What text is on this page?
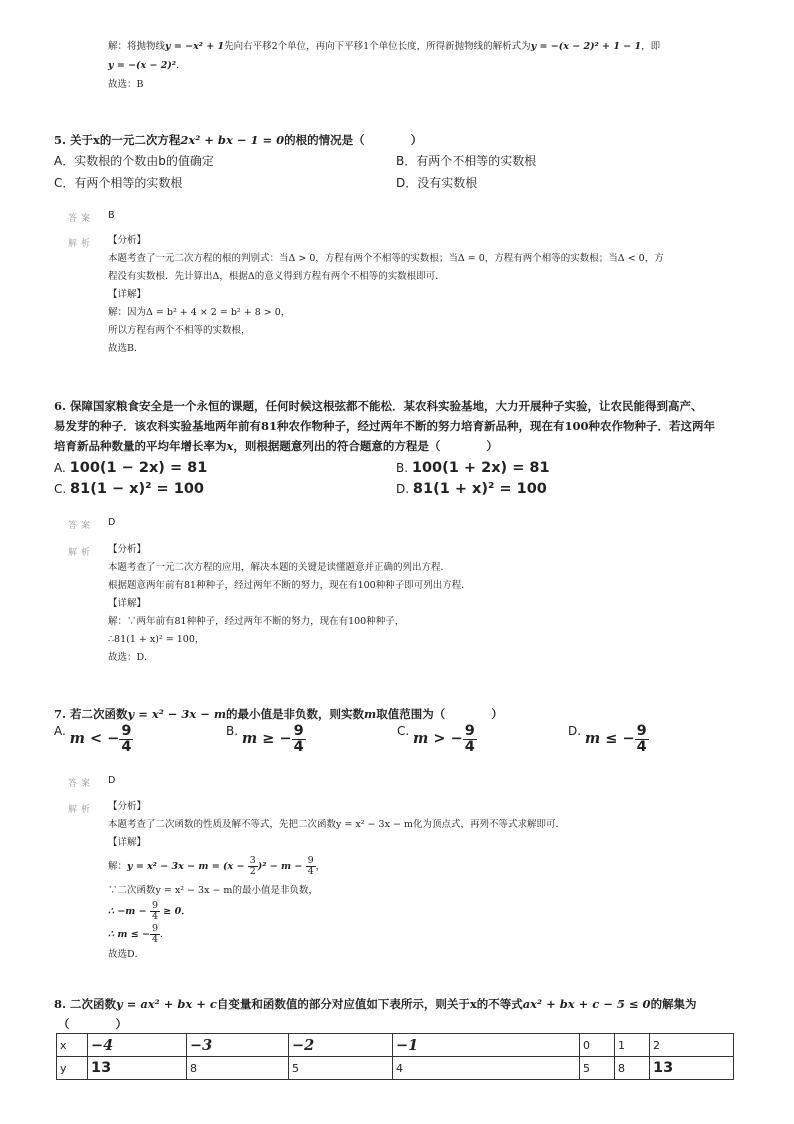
解：将抛物线y = −x² + 1先向右平移2个单位，再向下平移1个单位长度，所得新抛物线的解析式为y = −(x − 2)² + 1 − 1，即
y = −(x − 2)².
故选：B
5. 关于x的一元二次方程2x² + bx − 1 = 0的根的情况是（　　　　）
A．实数根的个数由b的值确定	B．有两个不相等的实数根
C．有两个相等的实数根	D．没有实数根
答案 B
解析 【分析】
本题考查了一元二次方程的根的判别式：当Δ > 0，方程有两个不相等的实数根；当Δ = 0，方程有两个相等的实数根；当Δ < 0，方
程没有实数根．先计算出Δ，根据Δ的意义得到方程有两个不相等的实数根即可．
【详解】
解：因为Δ = b² + 4 × 2 = b² + 8 > 0，
所以方程有两个不相等的实数根，
故选B．
6. 保障国家粮食安全是一个永恒的课题，任何时候这根弦都不能松．某农科实验基地，大力开展种子实验，让农民能得到高产、
易发芽的种子．该农科实验基地两年前有81种农作物种子，经过两年不断的努力培育新品种，现在有100种农作物种子．若这两年
培育新品种数量的平均年增长率为x，则根据题意列出的符合题意的方程是（　　　　）
A. 100(1 − 2x) = 81	B. 100(1 + 2x) = 81
C. 81(1 − x)² = 100	D. 81(1 + x)² = 100
答案 D
解析 【分析】
本题考查了一元二次方程的应用，解决本题的关键是读懂题意并正确的列出方程．
根据题意两年前有81种种子，经过两年不断的努力，现在有100种种子即可列出方程．
【详解】
解：∵两年前有81种种子，经过两年不断的努力，现在有100种种子，
∴81(1 + x)² = 100，
故选：D．
7. 若二次函数y = x² − 3x − m的最小值是非负数，则实数m取值范围为（　　　　）
A. m < − $\frac{9}{4}$	B. m ≥ − $\frac{9}{4}$	C. m > − $\frac{9}{4}$	D. m ≤ − $\frac{9}{4}$
答案 D
解析 【分析】
本题考查了二次函数的性质及解不等式，先把二次函数y = x² − 3x − m化为顶点式，再列不等式求解即可．
【详解】
解：$y = x^2 - 3x - m = (x - \frac{3}{2} )^2 - m - \frac{9}{4}$ ，
∵二次函数y = x² − 3x − m的最小值是非负数，
∴ $-m - \frac{9}{4} \ge 0$．
∴ m ≤ − $\frac{9}{4}$ ．
故选D．
8. 二次函数y = ax² + bx + c自变量和函数值的部分对应值如下表所示，则关于x的不等式ax² + bx + c − 5 ≤ 0的解集为
（　　　　）
x	−4	−3	−2	−1	0	1	2
y	13	8	5	4	5	8	13
